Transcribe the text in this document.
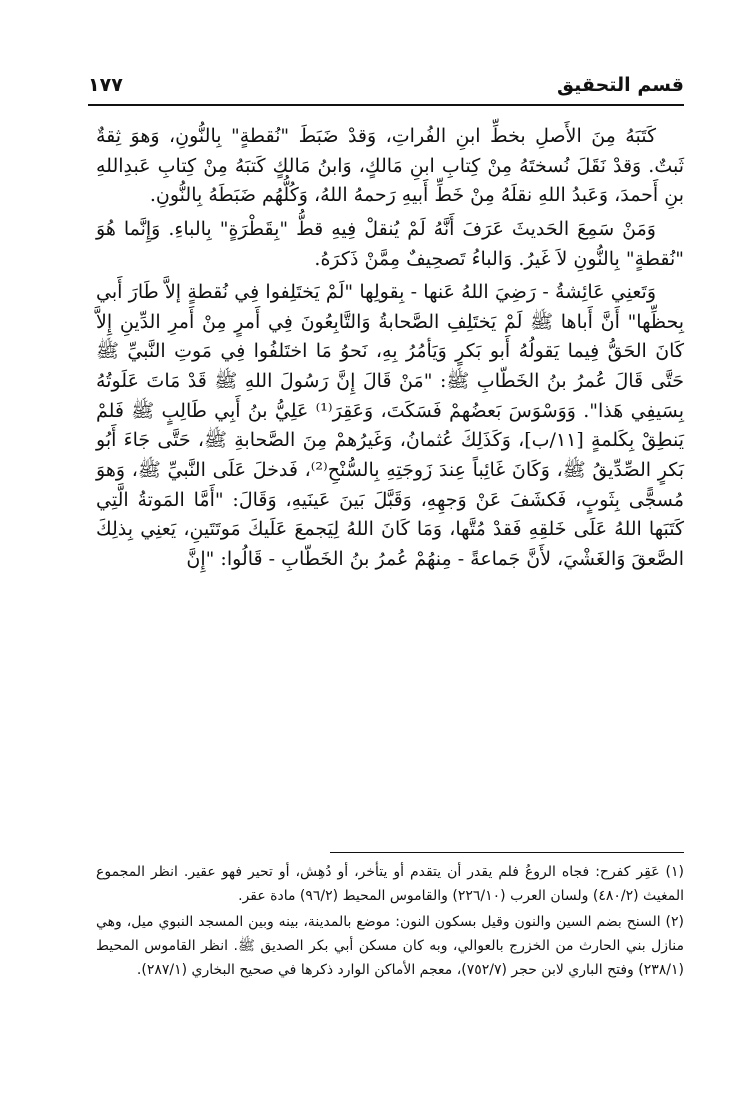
قسم التحقيق
١٧٧

كَتَبَهُ مِنَ الأَصلِ بخطِّ ابنِ الفُراتِ، وَقدْ ضَبَطَ "نُقطةٍ" بِالنُّونِ، وَهوَ ثِقةٌ ثَبتٌ. وَقدْ نَقَلَ نُسختَهُ مِنْ كِتابِ ابنِ مَالكٍ، وَابنُ مَالكٍ كَتبَهُ مِنْ كِتابِ عَبدِاللهِ بنِ أَحمدَ، وَعَبدُ اللهِ نقلَهُ مِنْ خَطِّ أَبيهِ رَحمهُ اللهُ، وَكُلُّهُم ضَبَطَهُ بِالنُّونِ.

وَمَنْ سَمِعَ الحَديثَ عَرَفَ أَنَّهُ لَمْ يُنقلْ فِيهِ قطُّ "بِقَطْرَةٍ" بِالباءِ. وَإِنَّما هُوَ "نُقطةٍ" بِالنُّونِ لاَ غَيرُ. وَالباءُ تَصحِيفٌ مِمَّنْ ذَكرَهُ.

وَتَعنِي عَائِشةُ - رَضِيَ اللهُ عَنها - بِقولِها "لَمْ يَختَلِفوا فِي نُقطةٍ إلاَّ طَارَ أَبي بِحظِّها" أَنَّ أَباها ﷺ لَمْ يَختَلِفِ الصَّحابةُ وَالتَّابِعُونَ فِي أَمرٍ مِنْ أَمرِ الدِّينِ إِلاَّ كَانَ الحَقُّ فِيما يَقولُهُ أَبو بَكرٍ وَيَأمُرُ بِهِ، نَحوُ مَا اختَلفُوا فِي مَوتِ النَّبيِّ ﷺ حَتَّى قَالَ عُمرُ بنُ الخَطّابِ ﷺ: "مَنْ قَالَ إِنَّ رَسُولَ اللهِ ﷺ قَدْ مَاتَ عَلَوتُهُ بِسَيفِي هَذا". وَوَسْوَسَ بَعضُهمْ فَسَكَتَ، وَعَقِرَ⁽¹⁾ عَلِيُّ بنُ أَبِي طَالِبٍ ﷺ فَلمْ يَنطِقْ بِكَلمةٍ [١١/ب]، وَكَذَلِكَ عُثمانُ، وَغَيرُهمْ مِنَ الصَّحابةِ ﷺ، حَتَّى جَاءَ أَبُو بَكرٍ الصِّدِّيقُ ﷺ، وَكَانَ غَائِباً عِندَ زَوجَتِهِ بِالسُّنْحِ⁽²⁾، فَدخلَ عَلَى النَّبيِّ ﷺ، وَهوَ مُسجًّى بِثَوبٍ، فَكشَفَ عَنْ وَجهِهِ، وَقَبَّلَ بَينَ عَينَيهِ، وَقَالَ: "أَمَّا المَوتةُ الَّتِي كَتَبَها اللهُ عَلَى خَلقِهِ فَقدْ مُتَّها، وَمَا كَانَ اللهُ لِيَجمعَ عَلَيكَ مَوتَتَينِ، يَعنِي بِذلِكَ الصَّعقَ وَالغَشْيَ، لأَنَّ جَماعةً - مِنهُمْ عُمرُ بنُ الخَطّابِ - قَالُوا: "إِنَّ

(١) عَقِر كفرح: فجاه الروعُ فلم يقدر أن يتقدم أو يتأخر، أو دُهِش، أو تحير فهو عقير. انظر المجموع المغيث (٤٨٠/٢) ولسان العرب (٢٢٦/١٠) والقاموس المحيط (٩٦/٢) مادة عقر.

(٢) السنح بضم السين والنون وقيل بسكون النون: موضع بالمدينة، بينه وبين المسجد النبوي ميل، وهي منازل بني الحارث من الخزرج بالعوالي، وبه كان مسكن أبي بكر الصديق ﷺ. انظر القاموس المحيط (٢٣٨/١) وفتح الباري لابن حجر (٧٥٢/٧)، معجم الأماكن الوارد ذكرها في صحيح البخاري (٢٨٧/١).
